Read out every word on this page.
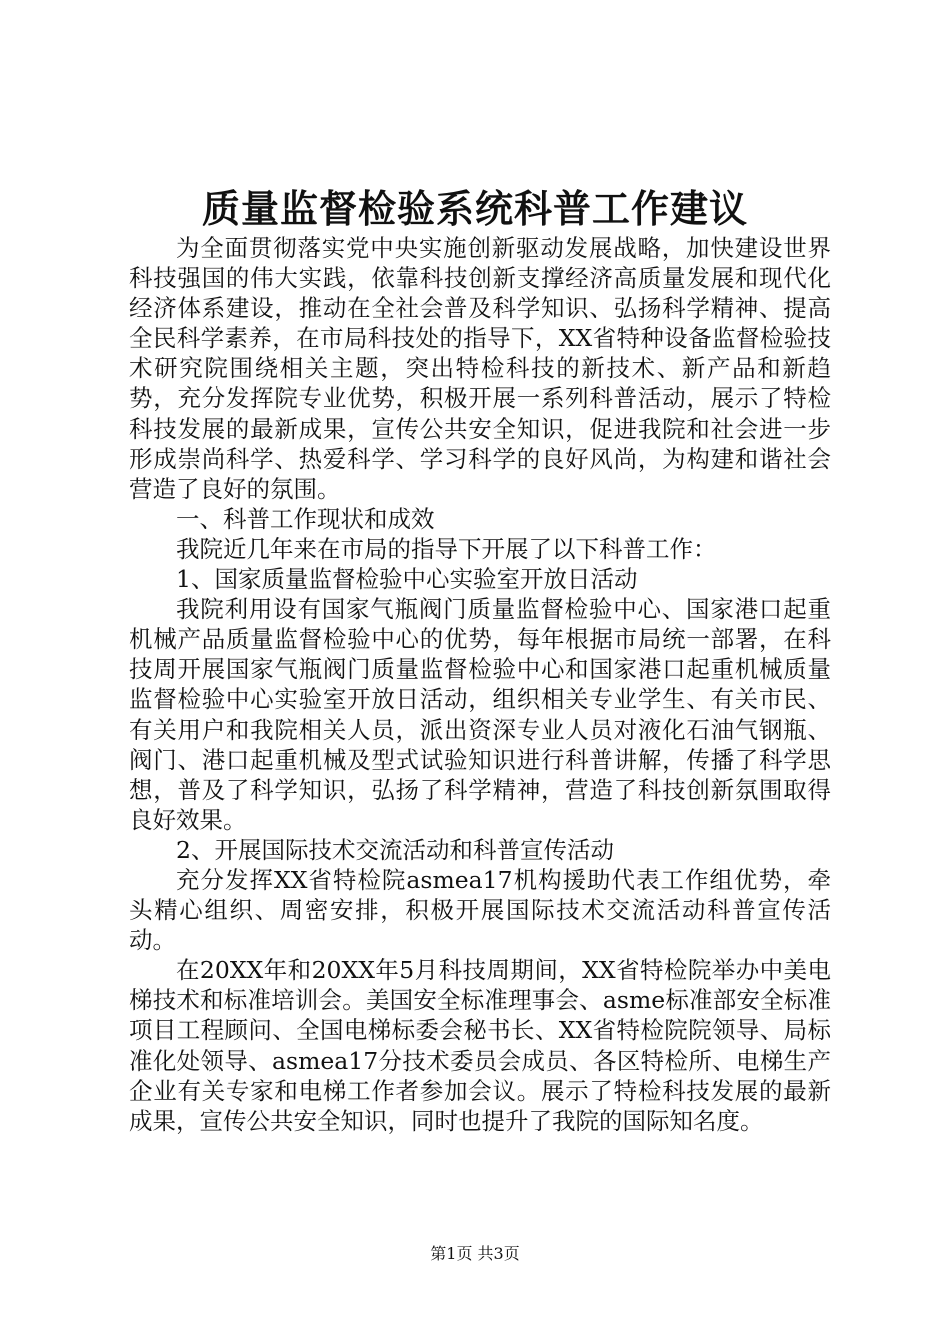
质量监督检验系统科普工作建议

为全面贯彻落实党中央实施创新驱动发展战略，加快建设世界科技强国的伟大实践，依靠科技创新支撑经济高质量发展和现代化经济体系建设，推动在全社会普及科学知识、弘扬科学精神、提高全民科学素养，在市局科技处的指导下，XX省特种设备监督检验技术研究院围绕相关主题，突出特检科技的新技术、新产品和新趋势，充分发挥院专业优势，积极开展一系列科普活动，展示了特检科技发展的最新成果，宣传公共安全知识，促进我院和社会进一步形成崇尚科学、热爱科学、学习科学的良好风尚，为构建和谐社会营造了良好的氛围。

一、科普工作现状和成效

我院近几年来在市局的指导下开展了以下科普工作：

1、国家质量监督检验中心实验室开放日活动

我院利用设有国家气瓶阀门质量监督检验中心、国家港口起重机械产品质量监督检验中心的优势，每年根据市局统一部署，在科技周开展国家气瓶阀门质量监督检验中心和国家港口起重机械质量监督检验中心实验室开放日活动，组织相关专业学生、有关市民、有关用户和我院相关人员，派出资深专业人员对液化石油气钢瓶、阀门、港口起重机械及型式试验知识进行科普讲解，传播了科学思想，普及了科学知识，弘扬了科学精神，营造了科技创新氛围取得良好效果。

2、开展国际技术交流活动和科普宣传活动

充分发挥XX省特检院asmea17机构援助代表工作组优势，牵头精心组织、周密安排，积极开展国际技术交流活动科普宣传活动。

在20XX年和20XX年5月科技周期间，XX省特检院举办中美电梯技术和标准培训会。美国安全标准理事会、asme标准部安全标准项目工程顾问、全国电梯标委会秘书长、XX省特检院院领导、局标准化处领导、asmea17分技术委员会成员、各区特检所、电梯生产企业有关专家和电梯工作者参加会议。展示了特检科技发展的最新成果，宣传公共安全知识，同时也提升了我院的国际知名度。

第1页 共3页
